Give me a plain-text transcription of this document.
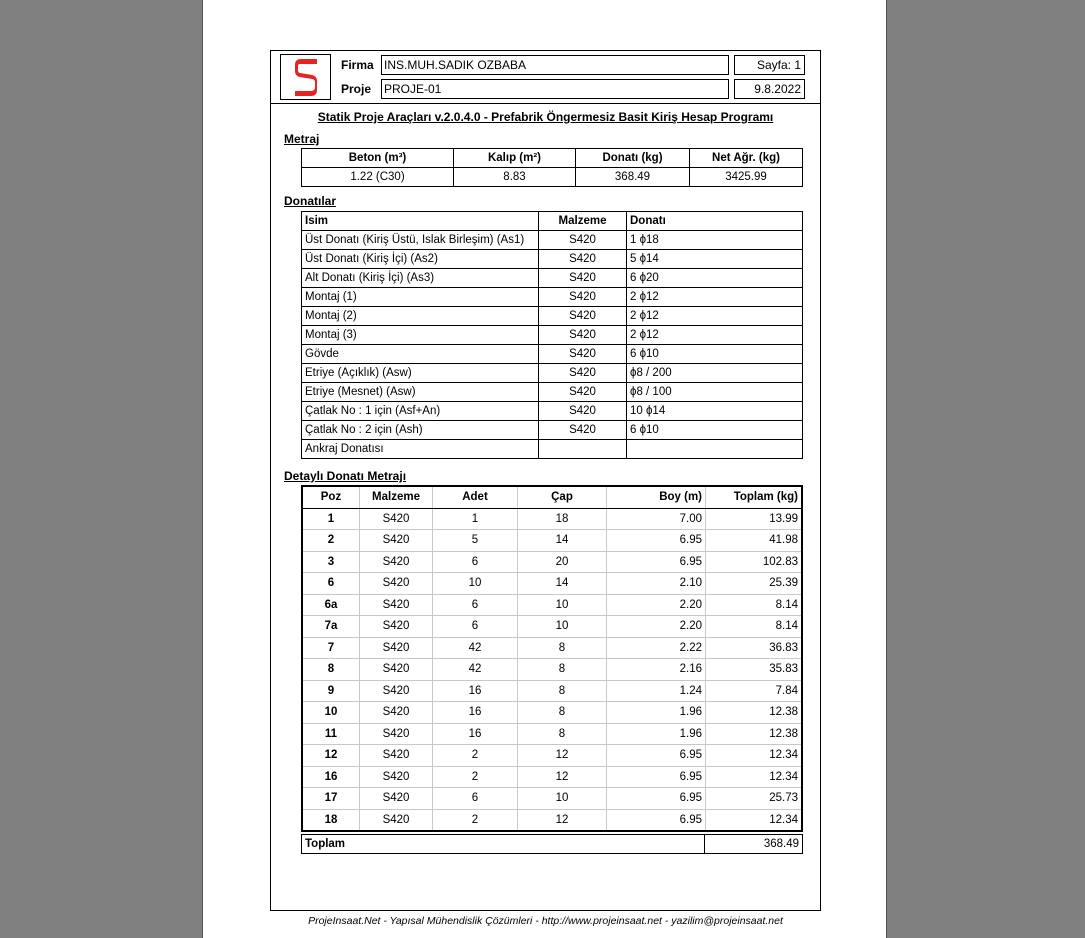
Firma INS.MUH.SADIK OZBABA
Proje PROJE-01
Sayfa: 1
9.8.2022
Statik Proje Araçları v.2.0.4.0 - Prefabrik Öngermesiz Basit Kiriş Hesap Programı
Metraj
Beton (m³)	Kalıp (m²)	Donatı (kg)	Net Ağr. (kg)
1.22 (C30)	8.83	368.49	3425.99
Donatılar
Isim	Malzeme	Donatı
Üst Donatı (Kiriş Üstü, Islak Birleşim) (As1)	S420	1 ϕ18
Üst Donatı (Kiriş İçi) (As2)	S420	5 ϕ14
Alt Donatı (Kiriş İçi) (As3)	S420	6 ϕ20
Montaj (1)	S420	2 ϕ12
Montaj (2)	S420	2 ϕ12
Montaj (3)	S420	2 ϕ12
Gövde	S420	6 ϕ10
Etriye (Açıklık) (Asw)	S420	ϕ8 / 200
Etriye (Mesnet) (Asw)	S420	ϕ8 / 100
Çatlak No : 1 için (Asf+An)	S420	10 ϕ14
Çatlak No : 2 için (Ash)	S420	6 ϕ10
Ankraj Donatısı		
Detaylı Donatı Metrajı
Poz	Malzeme	Adet	Çap	Boy (m)	Toplam (kg)
1	S420	1	18	7.00	13.99
2	S420	5	14	6.95	41.98
3	S420	6	20	6.95	102.83
6	S420	10	14	2.10	25.39
6a	S420	6	10	2.20	8.14
7a	S420	6	10	2.20	8.14
7	S420	42	8	2.22	36.83
8	S420	42	8	2.16	35.83
9	S420	16	8	1.24	7.84
10	S420	16	8	1.96	12.38
11	S420	16	8	1.96	12.38
12	S420	2	12	6.95	12.34
16	S420	2	12	6.95	12.34
17	S420	6	10	6.95	25.73
18	S420	2	12	6.95	12.34
Toplam	368.49
ProjeInsaat.Net - Yapısal Mühendislik Çözümleri - http://www.projeinsaat.net - yazilim@projeinsaat.net
